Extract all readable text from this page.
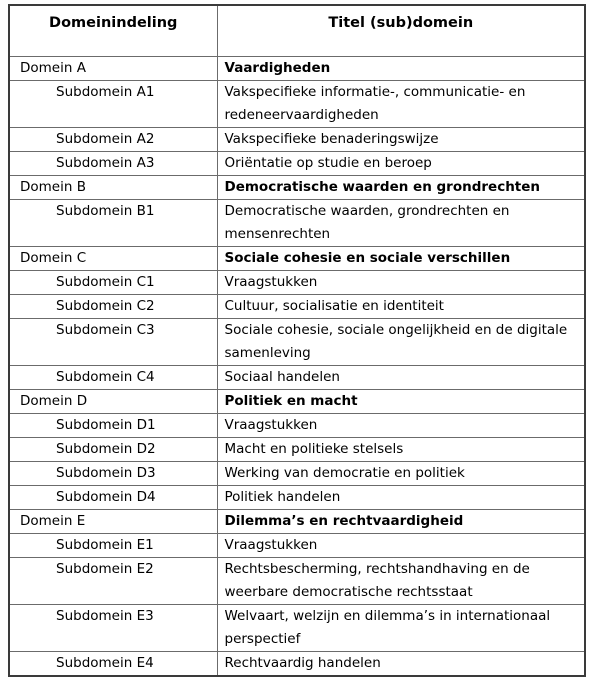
Domeinindeling	Titel (sub)domein

Domein A	Vaardigheden

Subdomein A1	Vakspecifieke informatie-, communicatie- en redeneervaardigheden

Subdomein A2	Vakspecifieke benaderingswijze

Subdomein A3	Oriëntatie op studie en beroep

Domein B	Democratische waarden en grondrechten

Subdomein B1	Democratische waarden, grondrechten en mensenrechten

Domein C	Sociale cohesie en sociale verschillen

Subdomein C1	Vraagstukken

Subdomein C2	Cultuur, socialisatie en identiteit

Subdomein C3	Sociale cohesie, sociale ongelijkheid en de digitale samenleving

Subdomein C4	Sociaal handelen

Domein D	Politiek en macht

Subdomein D1	Vraagstukken

Subdomein D2	Macht en politieke stelsels

Subdomein D3	Werking van democratie en politiek

Subdomein D4	Politiek handelen

Domein E	Dilemma’s en rechtvaardigheid

Subdomein E1	Vraagstukken

Subdomein E2	Rechtsbescherming, rechtshandhaving en de weerbare democratische rechtsstaat

Subdomein E3	Welvaart, welzijn en dilemma’s in internationaal perspectief

Subdomein E4	Rechtvaardig handelen
